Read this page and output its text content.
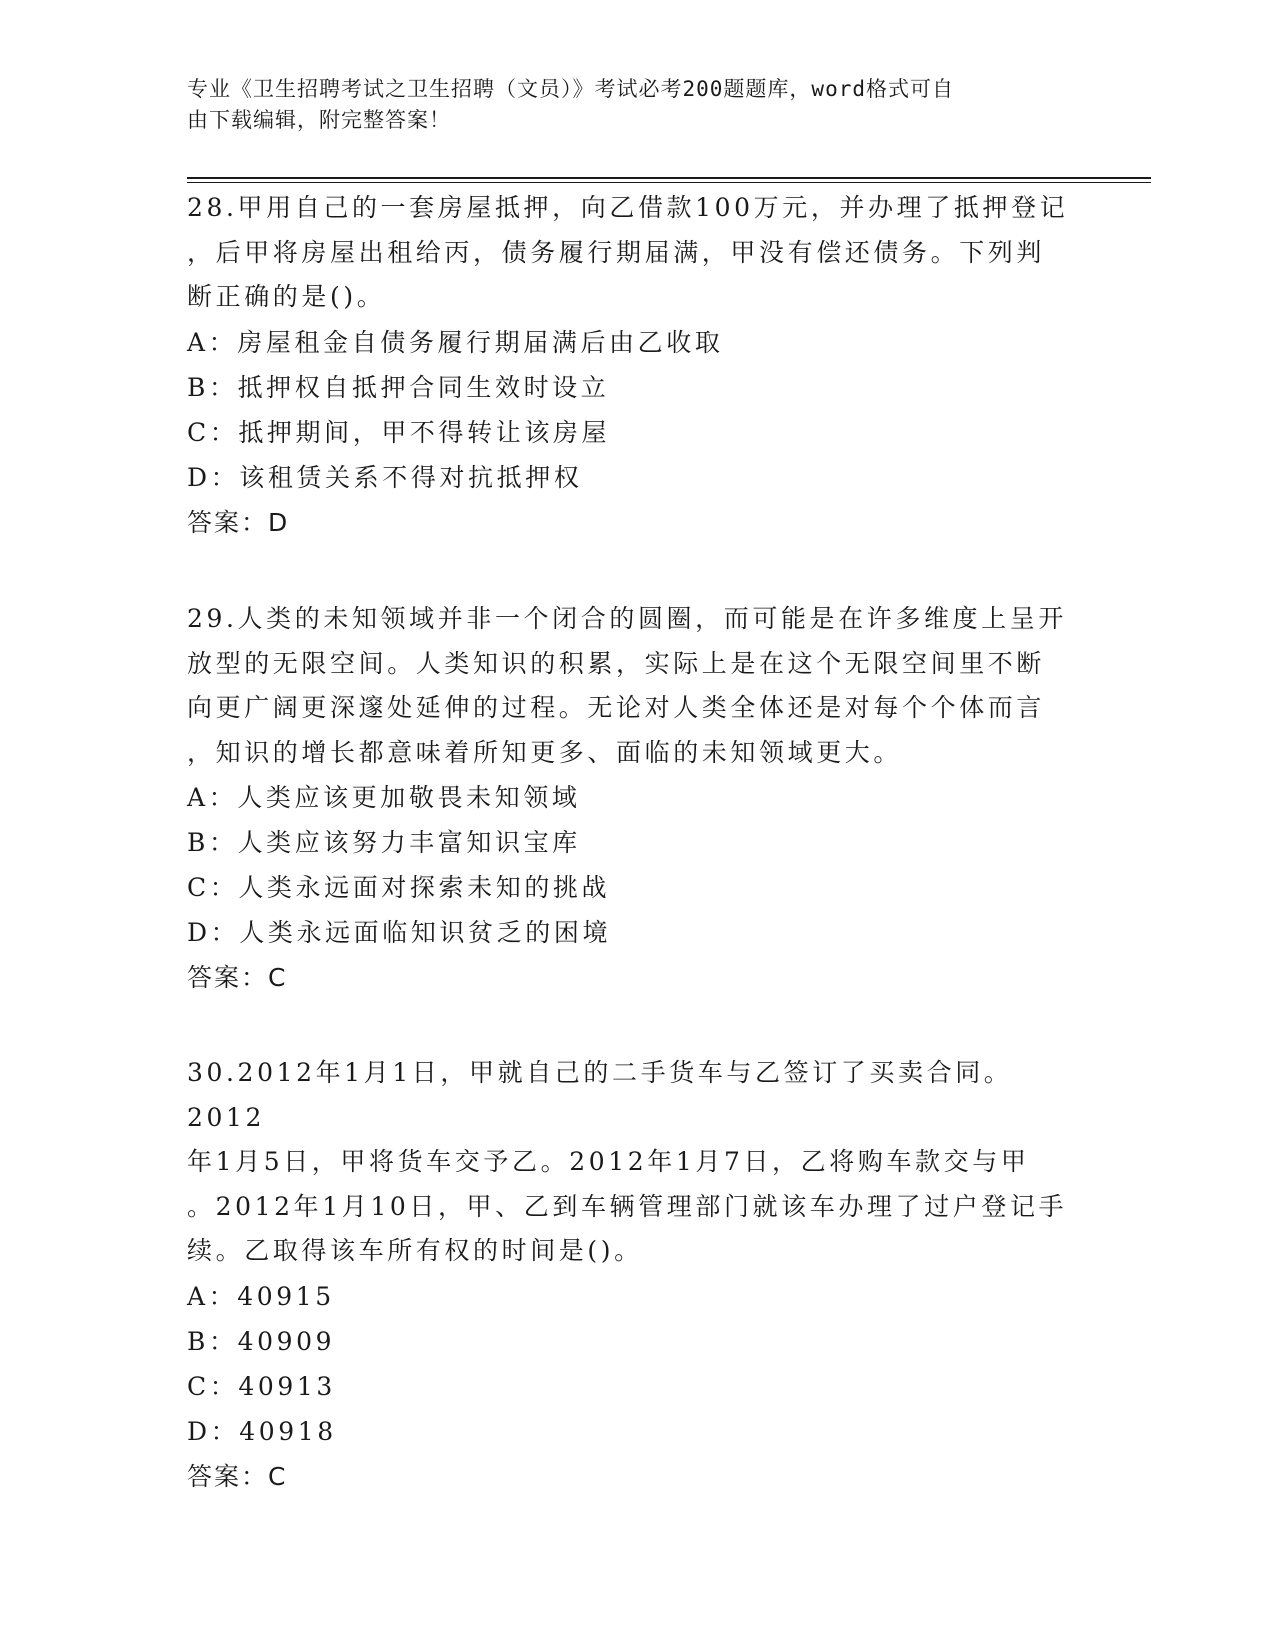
专业《卫生招聘考试之卫生招聘（文员）》考试必考200题题库，word格式可自
由下载编辑，附完整答案！

28.甲用自己的一套房屋抵押，向乙借款100万元，并办理了抵押登记

，后甲将房屋出租给丙，债务履行期届满，甲没有偿还债务。下列判

断正确的是()。

A：房屋租金自债务履行期届满后由乙收取

B：抵押权自抵押合同生效时设立

C：抵押期间，甲不得转让该房屋

D：该租赁关系不得对抗抵押权

答案：D

29.人类的未知领域并非一个闭合的圆圈，而可能是在许多维度上呈开

放型的无限空间。人类知识的积累，实际上是在这个无限空间里不断

向更广阔更深邃处延伸的过程。无论对人类全体还是对每个个体而言

，知识的增长都意味着所知更多、面临的未知领域更大。

A：人类应该更加敬畏未知领域

B：人类应该努力丰富知识宝库

C：人类永远面对探索未知的挑战

D：人类永远面临知识贫乏的困境

答案：C

30.2012年1月1日，甲就自己的二手货车与乙签订了买卖合同。2012

年1月5日，甲将货车交予乙。2012年1月7日，乙将购车款交与甲

。2012年1月10日，甲、乙到车辆管理部门就该车办理了过户登记手

续。乙取得该车所有权的时间是()。

A：40915

B：40909

C：40913

D：40918

答案：C
